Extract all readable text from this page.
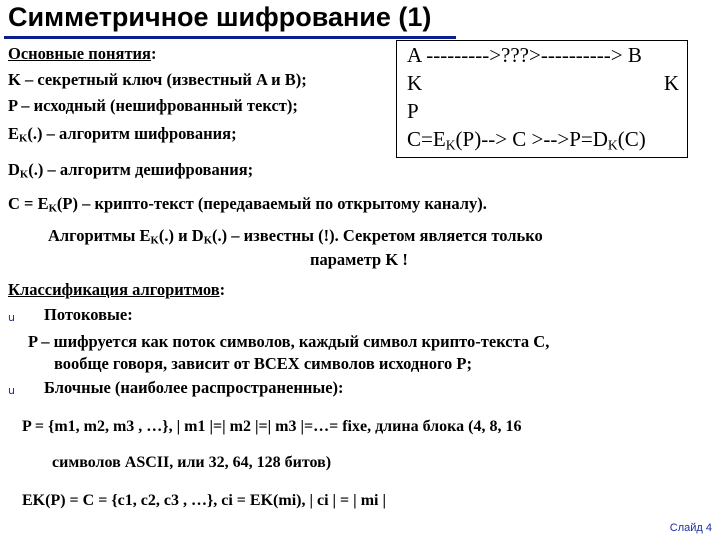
Симметричное шифрование (1)
Основные понятия:
K – секретный ключ (известный A и B);
P – исходный (нешифрованный текст);
$E_K(.)$ – алгоритм шифрования;
$D_K(.)$ – алгоритм дешифрования;
$C = E_K(P)$ – крипто-текст (передаваемый по открытому каналу).
Алгоритмы $E_K(.)$ и $D_K(.)$ – известны (!). Секретом является только
параметр K !
A --------->???>----------> B
K	K
P
$C=E_K(P)--> C >-->P=D_K(C)$
Классификация алгоритмов:
u Потоковые:
P – шифруется как поток символов, каждый символ крипто-текста C,
вообще говоря, зависит от ВСЕХ символов исходного P;
u Блочные (наиболее распространенные):
P = {m1, m2, m3 , …}, | m1 |=| m2 |=| m3 |=…= fixe, длина блока (4, 8, 16
символов ASCII, или 32, 64, 128 битов)
EK(P) = C = {c1, c2, c3 , …}, ci = EK(mi), | ci | = | mi |
Слайд 4
